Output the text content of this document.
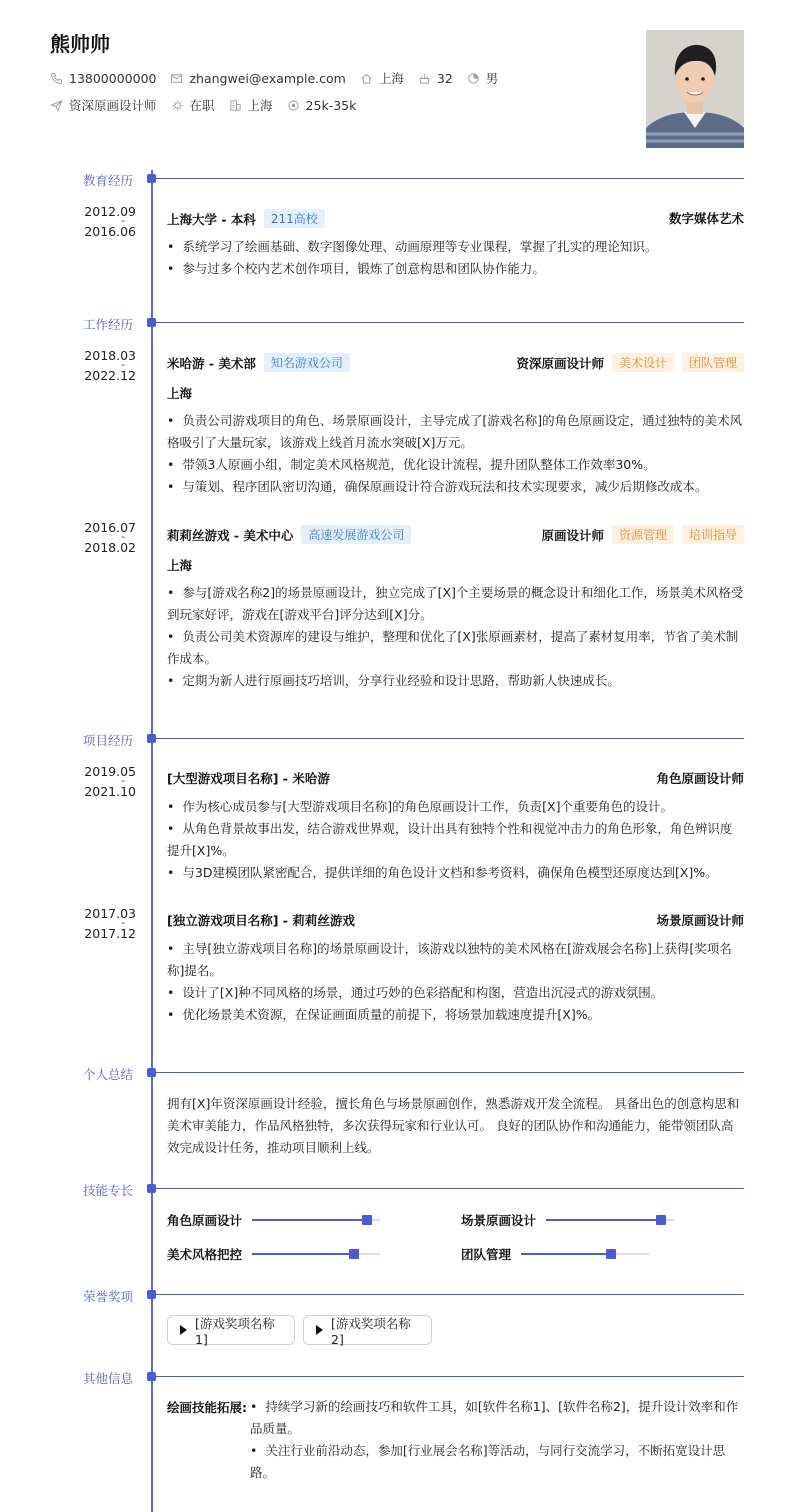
熊帅帅
13800000000	zhangwei@example.com	上海	32	男
资深原画设计师	在职	上海	25k-35k
教育经历
2012.09
-
2016.06
上海大学 - 本科	211高校	数字媒体艺术
• 系统学习了绘画基础、数字图像处理、动画原理等专业课程，掌握了扎实的理论知识。
• 参与过多个校内艺术创作项目，锻炼了创意构思和团队协作能力。
工作经历
2018.03
-
2022.12
米哈游 - 美术部	知名游戏公司	资深原画设计师	美术设计	团队管理
上海
• 负责公司游戏项目的角色、场景原画设计，主导完成了[游戏名称]的角色原画设定，通过独特的美术风格吸引了大量玩家，该游戏上线首月流水突破[X]万元。
• 带领3人原画小组，制定美术风格规范，优化设计流程，提升团队整体工作效率30%。
• 与策划、程序团队密切沟通，确保原画设计符合游戏玩法和技术实现要求，减少后期修改成本。
2016.07
-
2018.02
莉莉丝游戏 - 美术中心	高速发展游戏公司	原画设计师	资源管理	培训指导
上海
• 参与[游戏名称2]的场景原画设计，独立完成了[X]个主要场景的概念设计和细化工作，场景美术风格受到玩家好评，游戏在[游戏平台]评分达到[X]分。
• 负责公司美术资源库的建设与维护，整理和优化了[X]张原画素材，提高了素材复用率，节省了美术制作成本。
• 定期为新人进行原画技巧培训，分享行业经验和设计思路，帮助新人快速成长。
项目经历
2019.05
-
2021.10
[大型游戏项目名称] - 米哈游	角色原画设计师
• 作为核心成员参与[大型游戏项目名称]的角色原画设计工作，负责[X]个重要角色的设计。
• 从角色背景故事出发，结合游戏世界观，设计出具有独特个性和视觉冲击力的角色形象，角色辨识度提升[X]%。
• 与3D建模团队紧密配合，提供详细的角色设计文档和参考资料，确保角色模型还原度达到[X]%。
2017.03
-
2017.12
[独立游戏项目名称] - 莉莉丝游戏	场景原画设计师
• 主导[独立游戏项目名称]的场景原画设计，该游戏以独特的美术风格在[游戏展会名称]上获得[奖项名称]提名。
• 设计了[X]种不同风格的场景，通过巧妙的色彩搭配和构图，营造出沉浸式的游戏氛围。
• 优化场景美术资源，在保证画面质量的前提下，将场景加载速度提升[X]%。
个人总结
拥有[X]年资深原画设计经验，擅长角色与场景原画创作，熟悉游戏开发全流程。 具备出色的创意构思和美术审美能力，作品风格独特，多次获得玩家和行业认可。 良好的团队协作和沟通能力，能带领团队高效完成设计任务，推动项目顺利上线。
技能专长
角色原画设计	场景原画设计
美术风格把控	团队管理
荣誉奖项
[游戏奖项名称1]
[游戏奖项名称2]
其他信息
绘画技能拓展:
•	持续学习新的绘画技巧和软件工具，如[软件名称1]、[软件名称2]，提升设计效率和作品质量。
• 关注行业前沿动态，参加[行业展会名称]等活动，与同行交流学习，不断拓宽设计思路。
